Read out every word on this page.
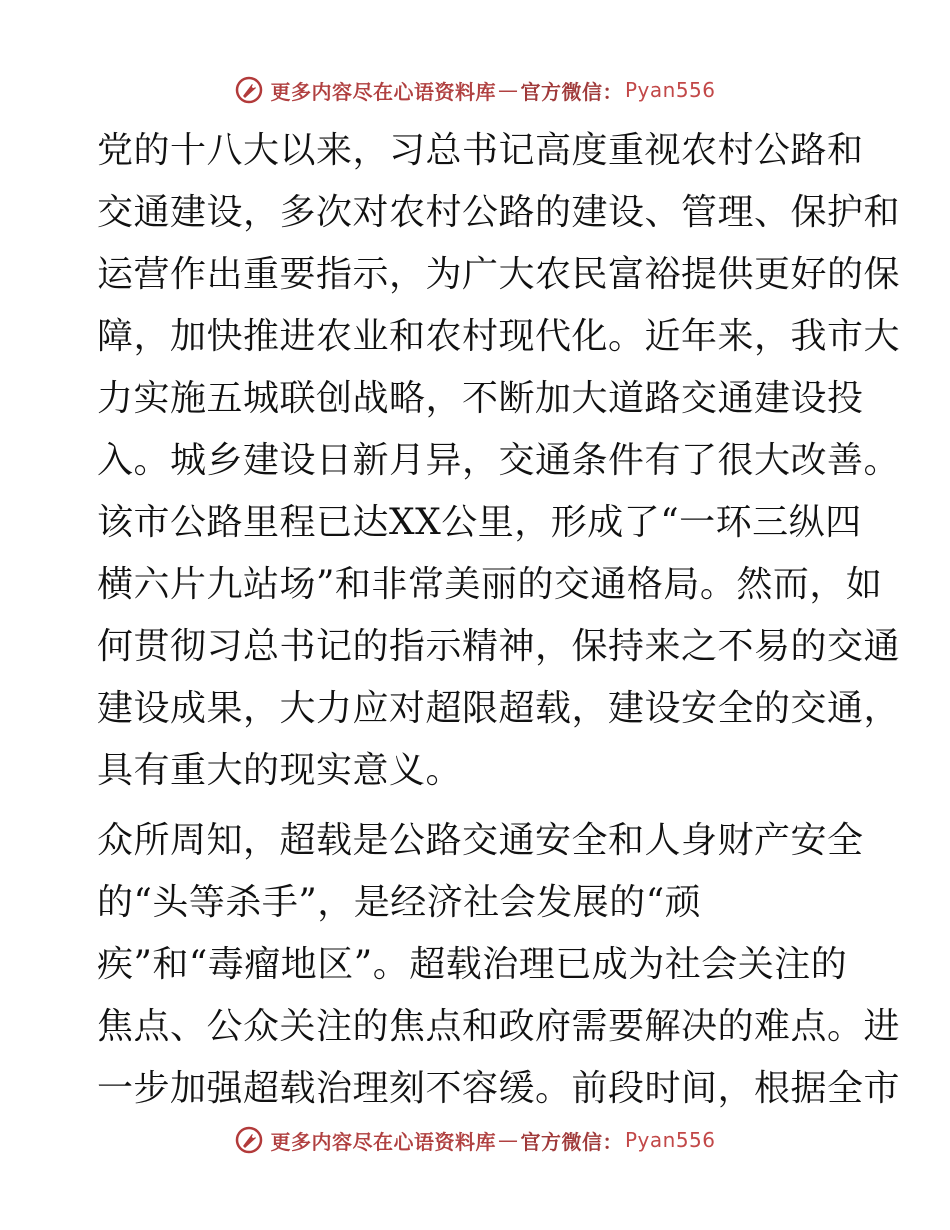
更多内容尽在心语资料库 — 官方微信： Pyan556
党的十八大以来，习总书记高度重视农村公路和
交通建设，多次对农村公路的建设、管理、保护和
运营作出重要指示，为广大农民富裕提供更好的保
障，加快推进农业和农村现代化。近年来，我市大
力实施五城联创战略，不断加大道路交通建设投
入。城乡建设日新月异，交通条件有了很大改善。
该市公路里程已达XX公里，形成了“一环三纵四
横六片九站场”和非常美丽的交通格局。然而，如
何贯彻习总书记的指示精神，保持来之不易的交通
建设成果，大力应对超限超载，建设安全的交通，
具有重大的现实意义。
众所周知，超载是公路交通安全和人身财产安全
的“头等杀手”，是经济社会发展的“顽
疾”和“毒瘤地区”。超载治理已成为社会关注的
焦点、公众关注的焦点和政府需要解决的难点。进
一步加强超载治理刻不容缓。前段时间，根据全市
更多内容尽在心语资料库 — 官方微信： Pyan556
